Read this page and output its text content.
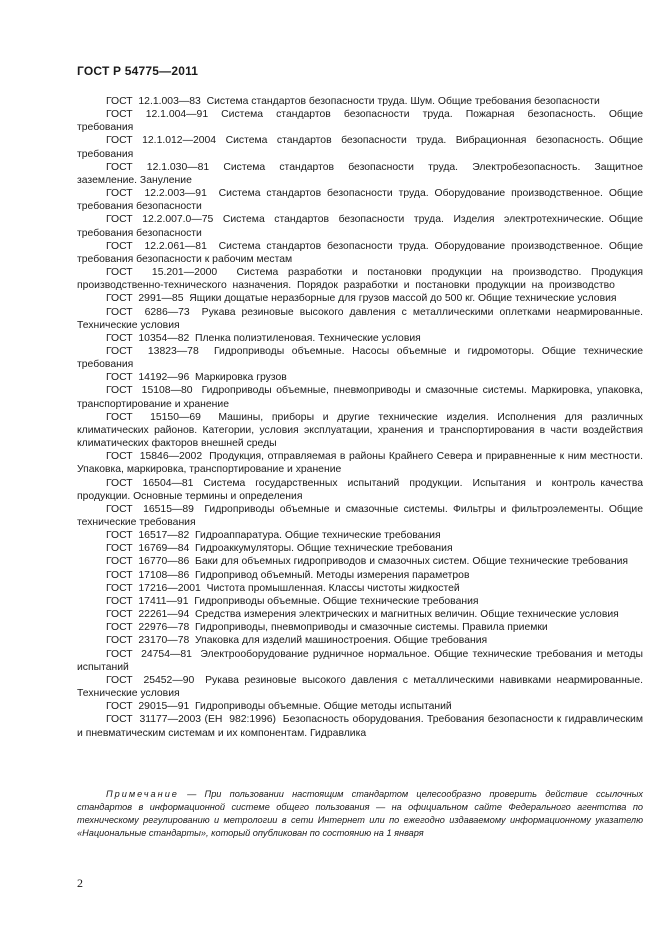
ГОСТ Р 54775—2011

ГОСТ  12.1.003—83  Система стандартов безопасности труда. Шум. Общие требования безопасности

ГОСТ  12.1.004—91  Система  стандартов  безопасности  труда.  Пожарная  безопасность.  Общие требования

ГОСТ  12.1.012—2004  Система  стандартов  безопасности  труда.  Вибрационная  безопасность. Общие требования

ГОСТ  12.1.030—81  Система  стандартов  безопасности  труда.  Электробезопасность.  Защитное заземление. Зануление

ГОСТ  12.2.003—91  Система стандартов безопасности труда. Оборудование производственное. Общие требования безопасности

ГОСТ  12.2.007.0—75  Система  стандартов  безопасности  труда.  Изделия  электротехнические. Общие требования безопасности

ГОСТ  12.2.061—81  Система стандартов безопасности труда. Оборудование производственное. Общие требования безопасности к рабочим местам

ГОСТ  15.201—2000  Система разработки и постановки продукции на производство. Продукция производственно-технического  назначения.  Порядок  разработки  и  постановки  продукции  на  производство

ГОСТ  2991—85  Ящики дощатые неразборные для грузов массой до 500 кг. Общие технические условия

ГОСТ  6286—73  Рукава резиновые высокого давления с металлическими оплетками неармированные. Технические условия

ГОСТ  10354—82  Пленка полиэтиленовая. Технические условия

ГОСТ  13823—78  Гидроприводы объемные. Насосы объемные и гидромоторы. Общие технические требования

ГОСТ  14192—96  Маркировка грузов

ГОСТ  15108—80  Гидроприводы объемные, пневмоприводы и смазочные системы. Маркировка, упаковка, транспортирование и хранение

ГОСТ  15150—69  Машины, приборы и другие технические изделия. Исполнения для различных климатических районов. Категории, условия эксплуатации, хранения и транспортирования в части воздействия климатических факторов внешней среды

ГОСТ  15846—2002  Продукция, отправляемая в районы Крайнего Севера и приравненные к ним местности. Упаковка, маркировка, транспортирование и хранение

ГОСТ  16504—81  Система  государственных  испытаний  продукции.  Испытания  и  контроль качества продукции. Основные термины и определения

ГОСТ  16515—89  Гидроприводы объемные и смазочные системы. Фильтры и фильтроэлементы. Общие технические требования

ГОСТ  16517—82  Гидроаппаратура. Общие технические требования

ГОСТ  16769—84  Гидроаккумуляторы. Общие технические требования

ГОСТ  16770—86  Баки для объемных гидроприводов и смазочных систем. Общие технические требования

ГОСТ  17108—86  Гидропривод объемный. Методы измерения параметров

ГОСТ  17216—2001  Чистота промышленная. Классы чистоты жидкостей

ГОСТ  17411—91  Гидроприводы объемные. Общие технические требования

ГОСТ  22261—94  Средства измерения электрических и магнитных величин. Общие технические условия

ГОСТ  22976—78  Гидроприводы, пневмоприводы и смазочные системы. Правила приемки

ГОСТ  23170—78  Упаковка для изделий машиностроения. Общие требования

ГОСТ  24754—81  Электрооборудование рудничное нормальное. Общие технические требования и методы испытаний

ГОСТ  25452—90  Рукава резиновые высокого давления с металлическими навивками неармированные. Технические условия

ГОСТ  29015—91  Гидроприводы объемные. Общие методы испытаний

ГОСТ  31177—2003 (ЕН  982:1996)  Безопасность оборудования. Требования безопасности к гидравлическим и пневматическим системам и их компонентам. Гидравлика

Примечание — При пользовании настоящим стандартом целесообразно проверить действие ссылочных стандартов в информационной системе общего пользования — на официальном сайте Федерального агентства по техническому регулированию и метрологии в сети Интернет или по ежегодно издаваемому информационному указателю «Национальные стандарты», который опубликован по состоянию на 1 января

2
